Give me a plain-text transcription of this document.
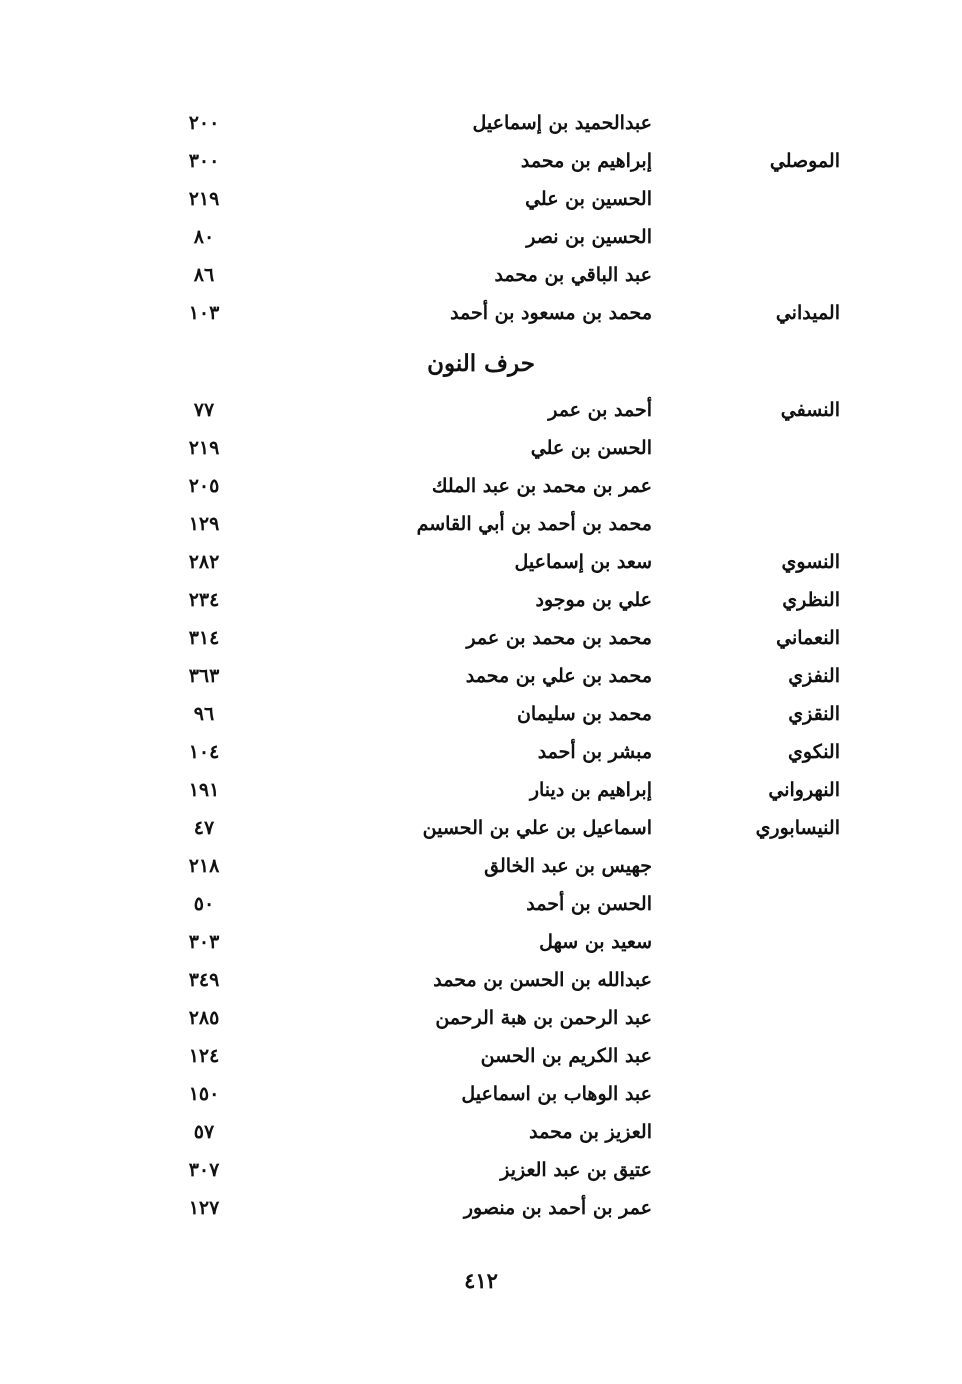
عبدالحميد بن إسماعيل
٢٠٠
الموصلي
إبراهيم بن محمد
٣٠٠
الحسين بن علي
٢١٩
الحسين بن نصر
٨٠
عبد الباقي بن محمد
٨٦
الميداني
محمد بن مسعود بن أحمد
١٠٣
حرف النون
النسفي
أحمد بن عمر
٧٧
الحسن بن علي
٢١٩
عمر بن محمد بن عبد الملك
٢٠٥
محمد بن أحمد بن أبي القاسم
١٢٩
النسوي
سعد بن إسماعيل
٢٨٢
النظري
علي بن موجود
٢٣٤
النعماني
محمد بن محمد بن عمر
٣١٤
النفزي
محمد بن علي بن محمد
٣٦٣
النقزي
محمد بن سليمان
٩٦
النكوي
مبشر بن أحمد
١٠٤
النهرواني
إبراهيم بن دينار
١٩١
النيسابوري
اسماعيل بن علي بن الحسين
٤٧
جهيس بن عبد الخالق
٢١٨
الحسن بن أحمد
٥٠
سعيد بن سهل
٣٠٣
عبدالله بن الحسن بن محمد
٣٤٩
عبد الرحمن بن هبة الرحمن
٢٨٥
عبد الكريم بن الحسن
١٢٤
عبد الوهاب بن اسماعيل
١٥٠
العزيز بن محمد
٥٧
عتيق بن عبد العزيز
٣٠٧
عمر بن أحمد بن منصور
١٢٧
٤١٢
